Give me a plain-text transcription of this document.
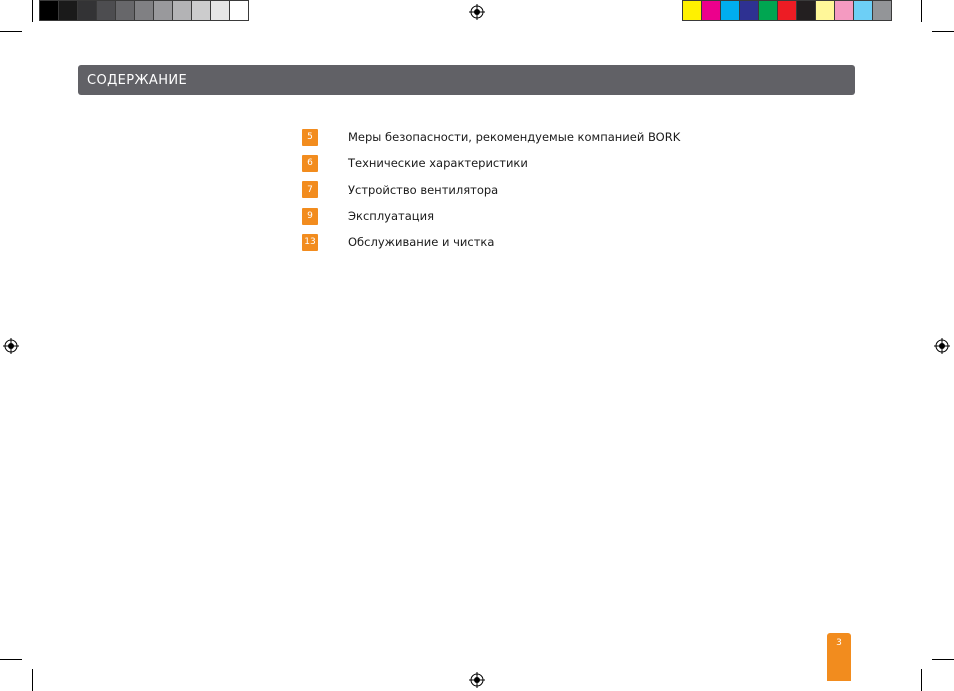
СОДЕРЖАНИЕ
5	Меры безопасности, рекомендуемые компанией BORK
6	Технические характеристики
7	Устройство вентилятора
9	Эксплуатация
13	Обслуживание и чистка
3
